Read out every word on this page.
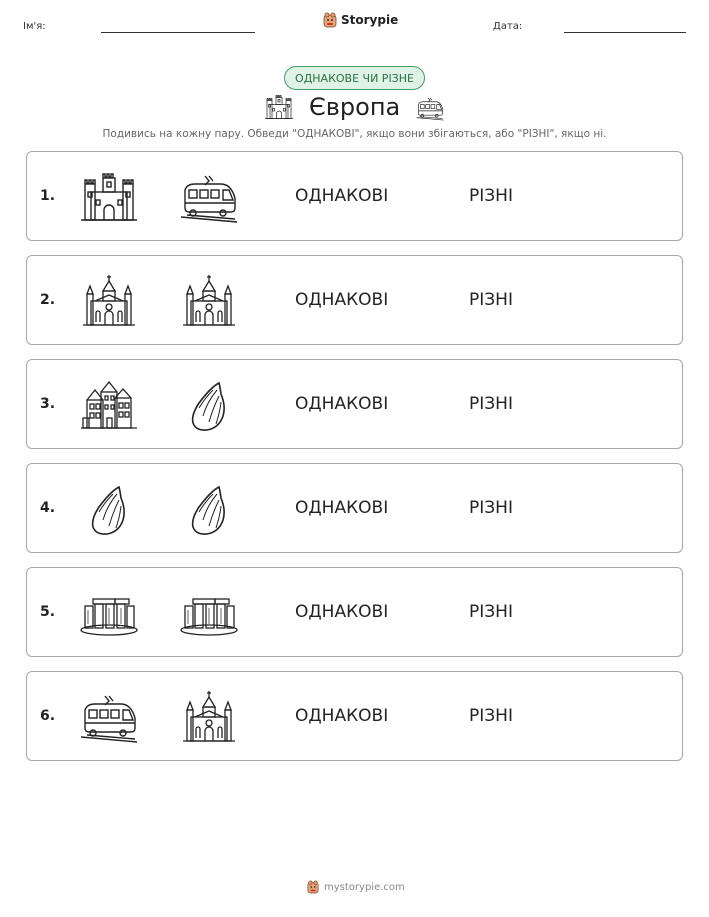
Ім'я:	Storypie	Дата:
ОДНАКОВЕ ЧИ РІЗНЕ
Європа
Подивись на кожну пару. Обведи "ОДНАКОВІ", якщо вони збігаються, або "РІЗНІ", якщо ні.
1.	ОДНАКОВІ	РІЗНІ
2.	ОДНАКОВІ	РІЗНІ
3.	ОДНАКОВІ	РІЗНІ
4.	ОДНАКОВІ	РІЗНІ
5.	ОДНАКОВІ	РІЗНІ
6.	ОДНАКОВІ	РІЗНІ
mystorypie.com
